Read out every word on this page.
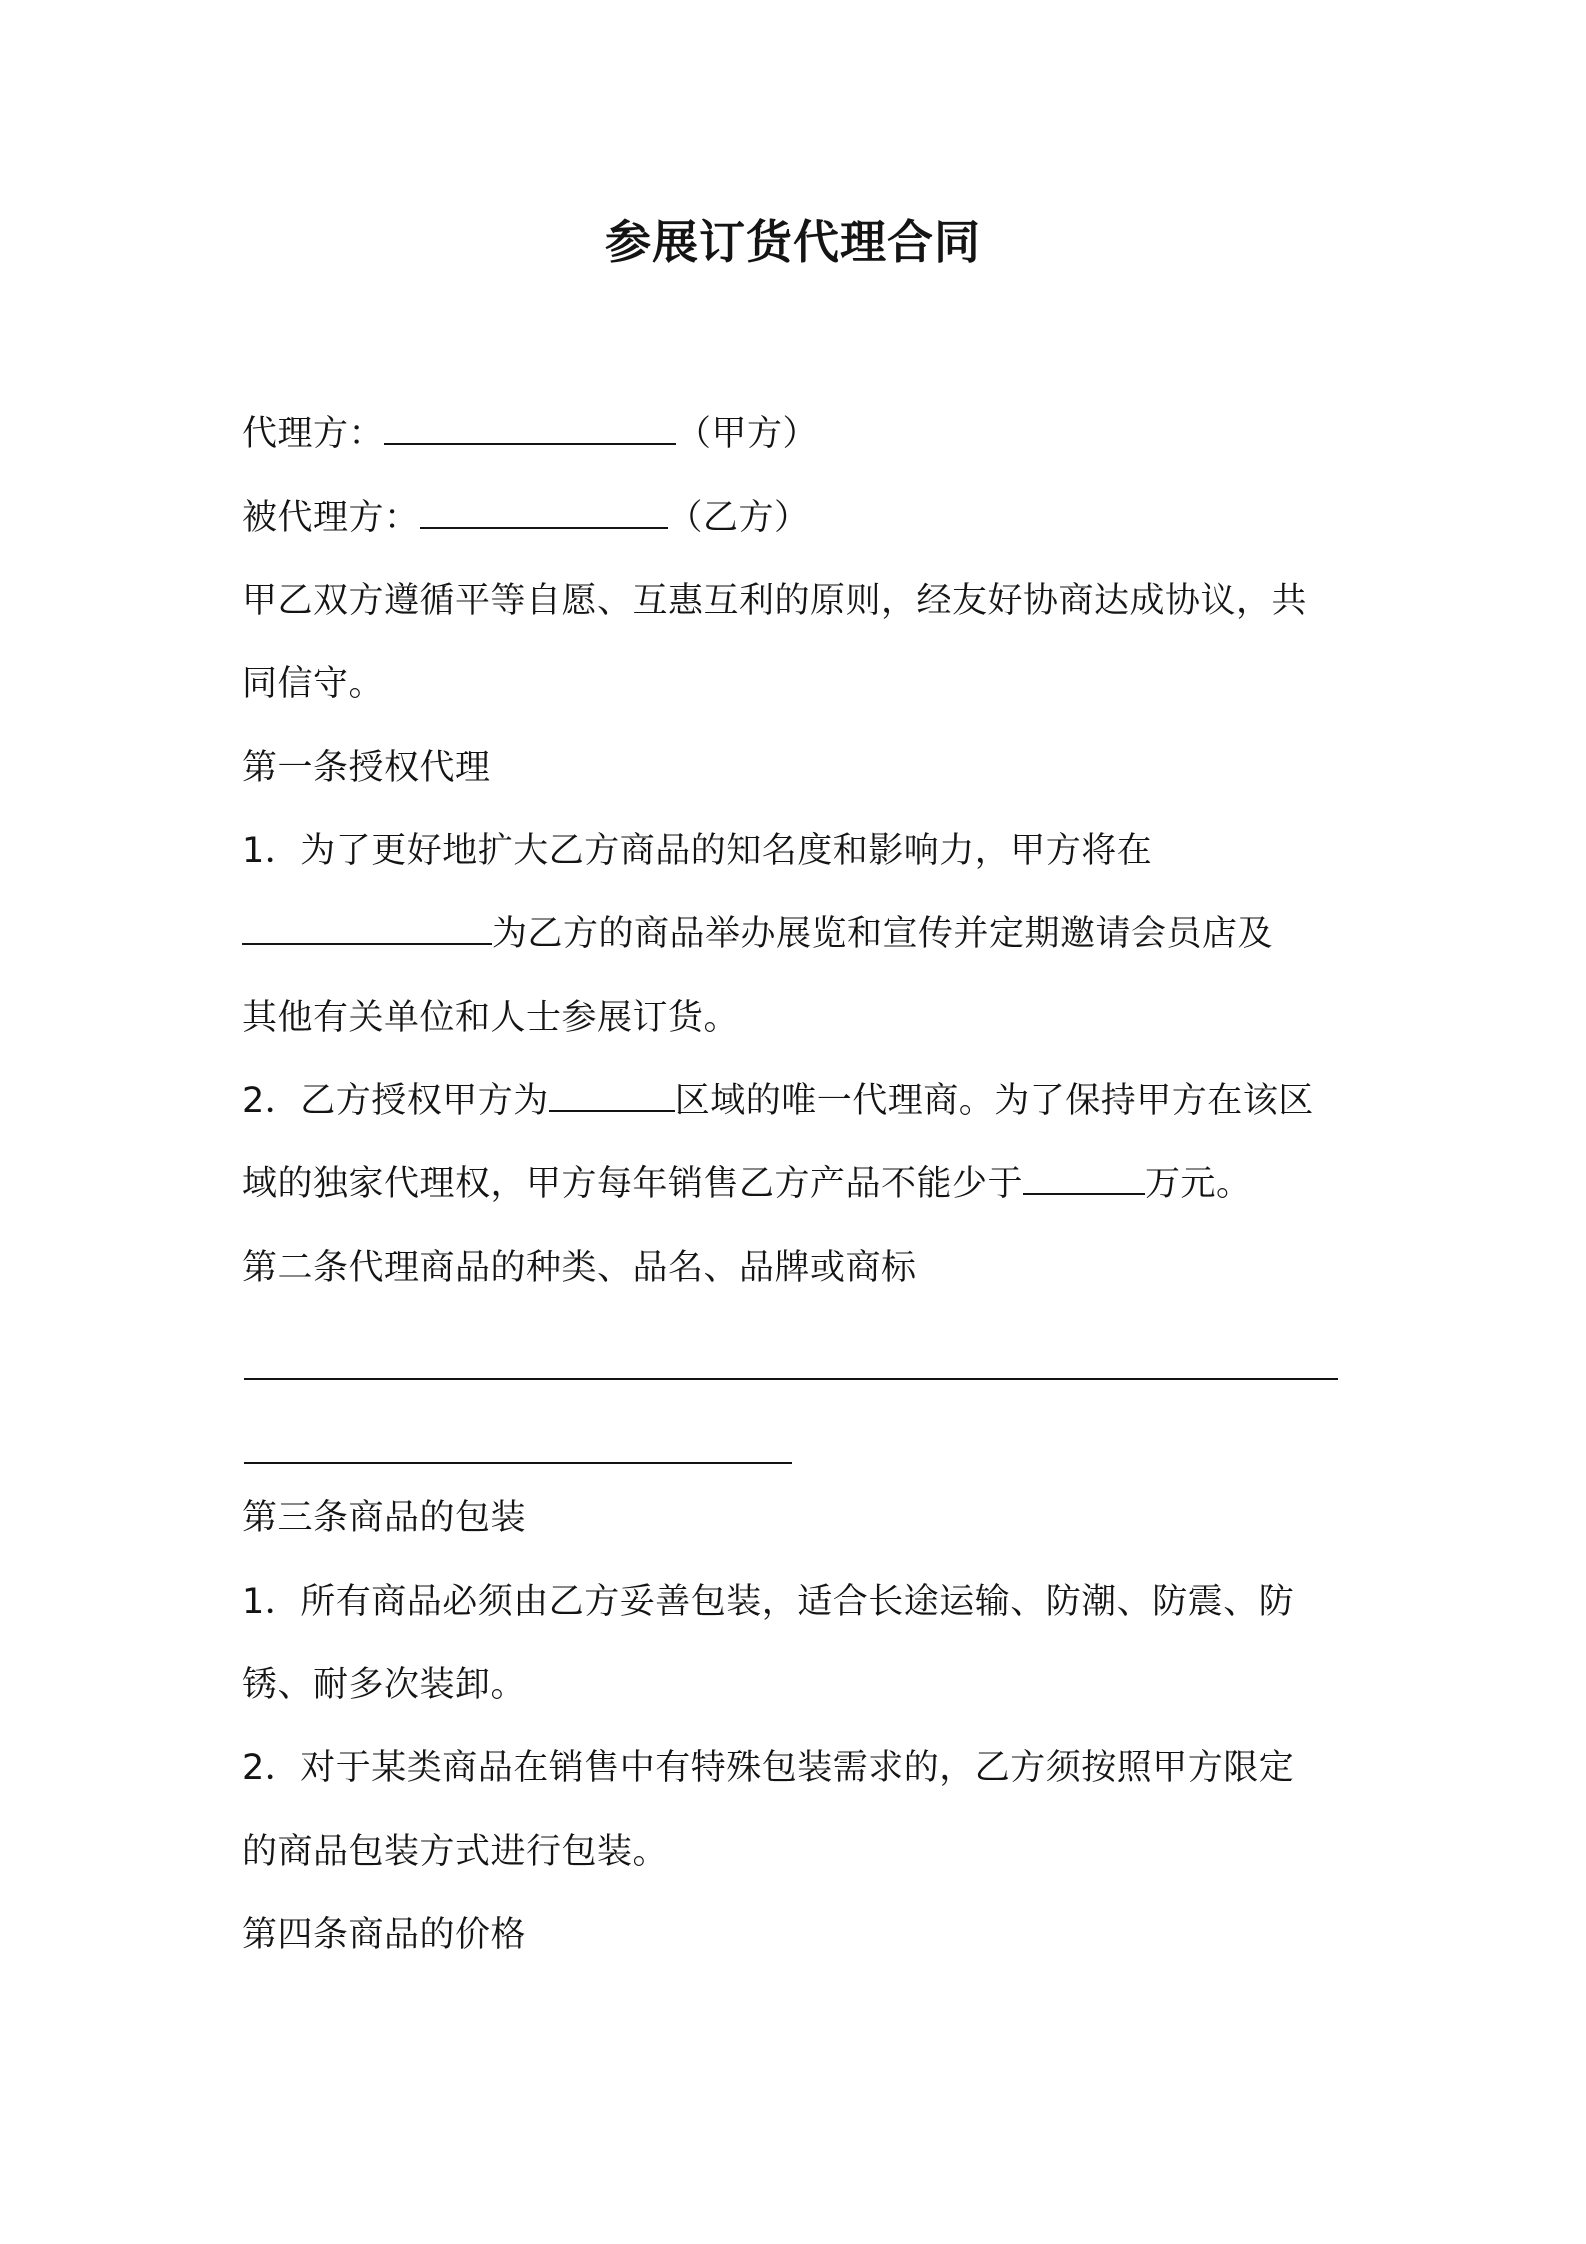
参展订货代理合同
代理方：	（甲方）
被代理方：	（乙方）
甲乙双方遵循平等自愿、互惠互利的原则，经友好协商达成协议，共
同信守。
第一条授权代理
1．为了更好地扩大乙方商品的知名度和影响力，甲方将在
为乙方的商品举办展览和宣传并定期邀请会员店及
其他有关单位和人士参展订货。
2．乙方授权甲方为	区域的唯一代理商。为了保持甲方在该区
域的独家代理权，甲方每年销售乙方产品不能少于	万元。
第二条代理商品的种类、品名、品牌或商标
第三条商品的包装
1．所有商品必须由乙方妥善包装，适合长途运输、防潮、防震、防
锈、耐多次装卸。
2．对于某类商品在销售中有特殊包装需求的，乙方须按照甲方限定
的商品包装方式进行包装。
第四条商品的价格
